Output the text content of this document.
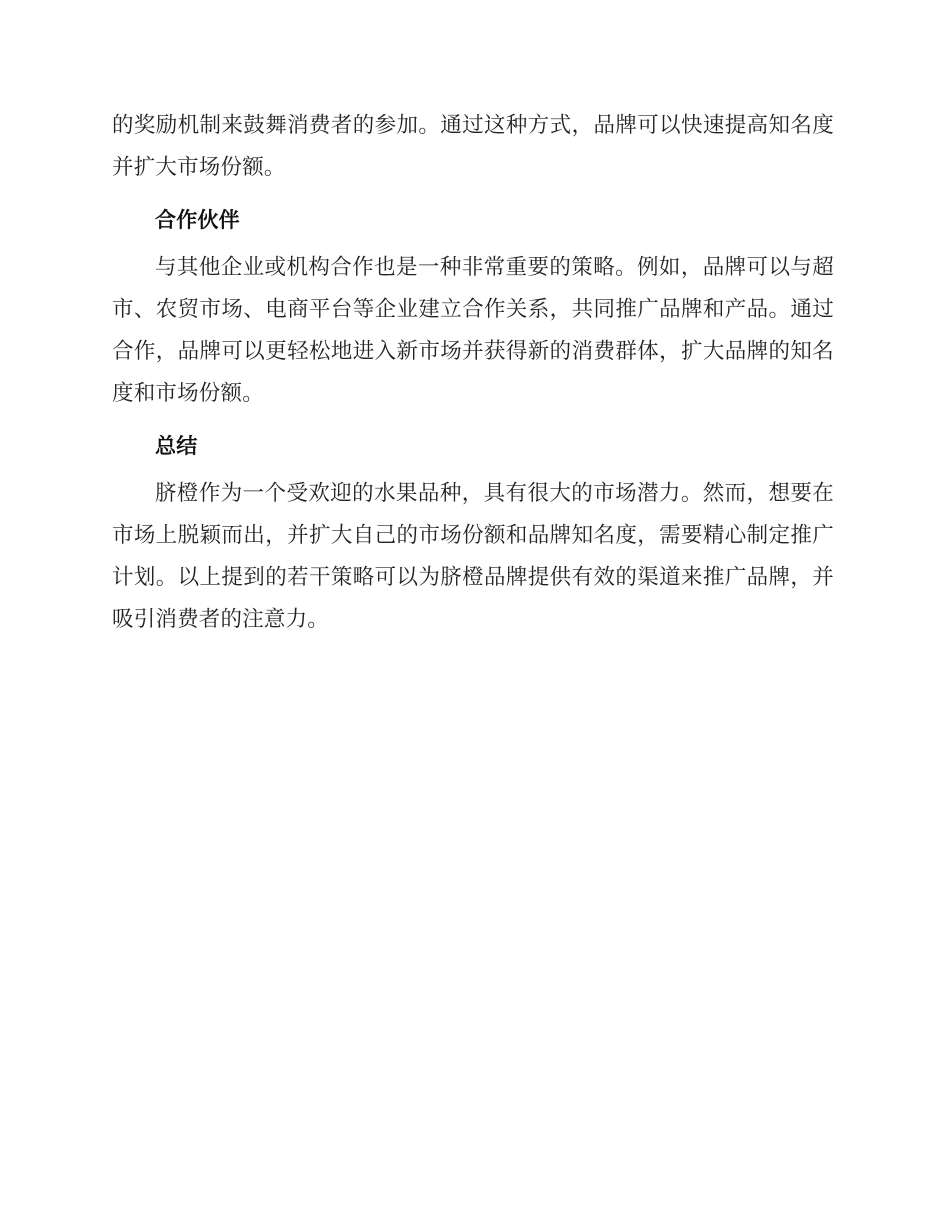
的奖励机制来鼓舞消费者的参加。通过这种方式，品牌可以快速提高知名度并扩大市场份额。

合作伙伴

与其他企业或机构合作也是一种非常重要的策略。例如，品牌可以与超市、农贸市场、电商平台等企业建立合作关系，共同推广品牌和产品。通过合作，品牌可以更轻松地进入新市场并获得新的消费群体，扩大品牌的知名度和市场份额。

总结

脐橙作为一个受欢迎的水果品种，具有很大的市场潜力。然而，想要在市场上脱颖而出，并扩大自己的市场份额和品牌知名度，需要精心制定推广计划。以上提到的若干策略可以为脐橙品牌提供有效的渠道来推广品牌，并吸引消费者的注意力。
